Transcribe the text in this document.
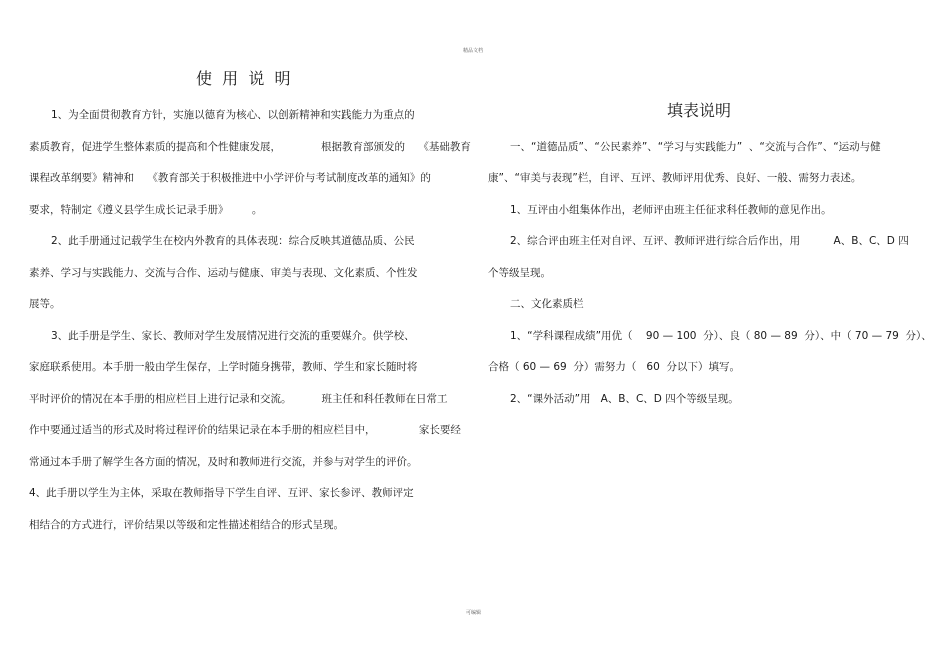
精品文档
使  用  说  明
1、为全面贯彻教育方针，实施以德育为核心、以创新精神和实践能力为重点的
素质教育，促进学生整体素质的提高和个性健康发展，            根据教育部颁发的    《基础教育
课程改革纲要》精神和    《教育部关于积极推进中小学评价与考试制度改革的通知》的
要求，特制定《遵义县学生成长记录手册》       。
2、此手册通过记载学生在校内外教育的具体表现：综合反映其道德品质、公民
素养、学习与实践能力、交流与合作、运动与健康、审美与表现、文化素质、个性发
展等。
3、此手册是学生、家长、教师对学生发展情况进行交流的重要媒介。供学校、
家庭联系使用。本手册一般由学生保存，上学时随身携带，教师、学生和家长随时将
平时评价的情况在本手册的相应栏目上进行记录和交流。         班主任和科任教师在日常工
作中要通过适当的形式及时将过程评价的结果记录在本手册的相应栏目中，             家长要经
常通过本手册了解学生各方面的情况，及时和教师进行交流，并参与对学生的评价。
4、此手册以学生为主体，采取在教师指导下学生自评、互评、家长参评、教师评定
相结合的方式进行，评价结果以等级和定性描述相结合的形式呈现。
填表说明
一、“道德品质”、“公民素养”、“学习与实践能力”  、“交流与合作”、“运动与健
康”、“审美与表现”栏，自评、互评、教师评用优秀、良好、一般、需努力表述。
1、互评由小组集体作出，老师评由班主任征求科任教师的意见作出。
2、综合评由班主任对自评、互评、教师评进行综合后作出，用          A、B、C、D 四
个等级呈现。
二、文化素质栏
1、“学科课程成绩”用优（    90 — 100  分）、良（ 80 — 89  分）、中（ 70 — 79  分）、
合格（ 60 — 69  分）需努力（   60  分以下）填写。
2、“课外活动”用   A、B、C、D 四个等级呈现。
可编辑
